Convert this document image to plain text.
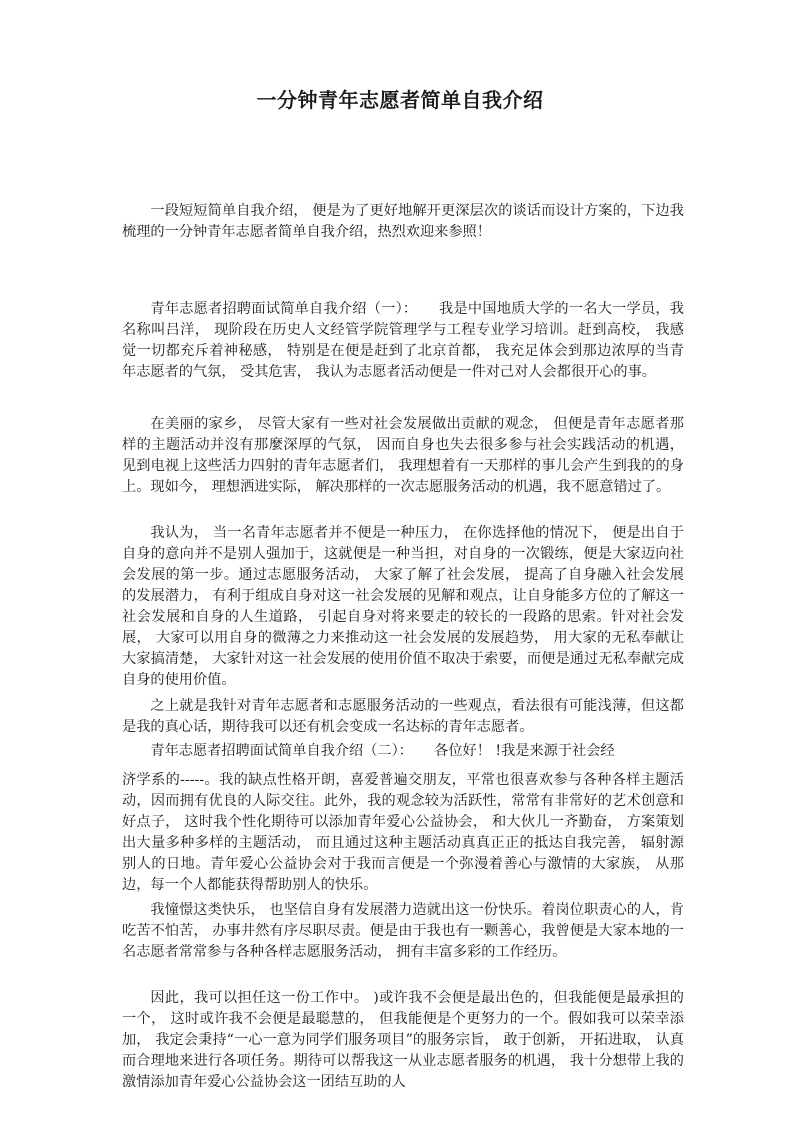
一分钟青年志愿者简单自我介绍

一段短短简单自我介绍， 便是为了更好地解开更深层次的谈话而设计方案的，下边我梳理的一分钟青年志愿者简单自我介绍，热烈欢迎来参照！

青年志愿者招聘面试简单自我介绍（一）：　　我是中国地质大学的一名大一学员，我名称叫吕洋， 现阶段在历史人文经管学院管理学与工程专业学习培训。赶到高校， 我感觉一切都充斥着神秘感， 特别是在便是赶到了北京首都， 我充足体会到那边浓厚的当青年志愿者的气氛， 受其危害， 我认为志愿者活动便是一件对己对人会都很开心的事。

在美丽的家乡， 尽管大家有一些对社会发展做出贡献的观念， 但便是青年志愿者那样的主题活动并沒有那麼深厚的气氛， 因而自身也失去很多参与社会实践活动的机遇， 见到电视上这些活力四射的青年志愿者们， 我理想着有一天那样的事儿会产生到我的的身上。现如今， 理想洒进实际， 解决那样的一次志愿服务活动的机遇，我不愿意错过了。

我认为， 当一名青年志愿者并不便是一种压力， 在你选择他的情况下， 便是出自于自身的意向并不是别人强加于，这就便是一种当担，对自身的一次锻练，便是大家迈向社会发展的第一步。通过志愿服务活动， 大家了解了社会发展， 提高了自身融入社会发展的发展潜力， 有利于组成自身对这一社会发展的见解和观点，让自身能多方位的了解这一社会发展和自身的人生道路， 引起自身对将来要走的较长的一段路的思索。针对社会发展， 大家可以用自身的微薄之力来推动这一社会发展的发展趋势， 用大家的无私奉献让大家搞清楚， 大家针对这一社会发展的使用价值不取决于索要，而便是通过无私奉献完成自身的使用价值。

之上就是我针对青年志愿者和志愿服务活动的一些观点，看法很有可能浅薄，但这都是我的真心话，期待我可以还有机会变成一名达标的青年志愿者。

青年志愿者招聘面试简单自我介绍（二）：　　各位好！ !我是来源于社会经

济学系的-----。我的缺点性格开朗，喜爱普遍交朋友，平常也很喜欢参与各种各样主题活动，因而拥有优良的人际交往。此外，我的观念较为活跃性，常常有非常好的艺术创意和好点子， 这时我个性化期待可以添加青年爱心公益协会， 和大伙儿一齐勤奋， 方案策划出大量多种多样的主题活动， 而且通过这种主题活动真真正正的抵达自我完善， 辐射源别人的日地。青年爱心公益协会对于我而言便是一个弥漫着善心与激情的大家族， 从那边，每一个人都能获得帮助别人的快乐。

我憧憬这类快乐， 也坚信自身有发展潜力造就出这一份快乐。着岗位职责心的人，肯吃苦不怕苦， 办事井然有序尽职尽责。便是由于我也有一颗善心，我曾便是大家本地的一名志愿者常常参与各种各样志愿服务活动， 拥有丰富多彩的工作经历。

因此，我可以担任这一份工作中。 )或许我不会便是最出色的，但我能便是最承担的一个， 这时或许我不会便是最聪慧的， 但我能便是个更努力的一个。假如我可以荣幸添加， 我定会秉持“一心一意为同学们服务项目”的服务宗旨， 敢于创新， 开拓进取， 认真而合理地来进行各项任务。期待可以帮我这一从业志愿者服务的机遇， 我十分想带上我的激情添加青年爱心公益协会这一团结互助的人
